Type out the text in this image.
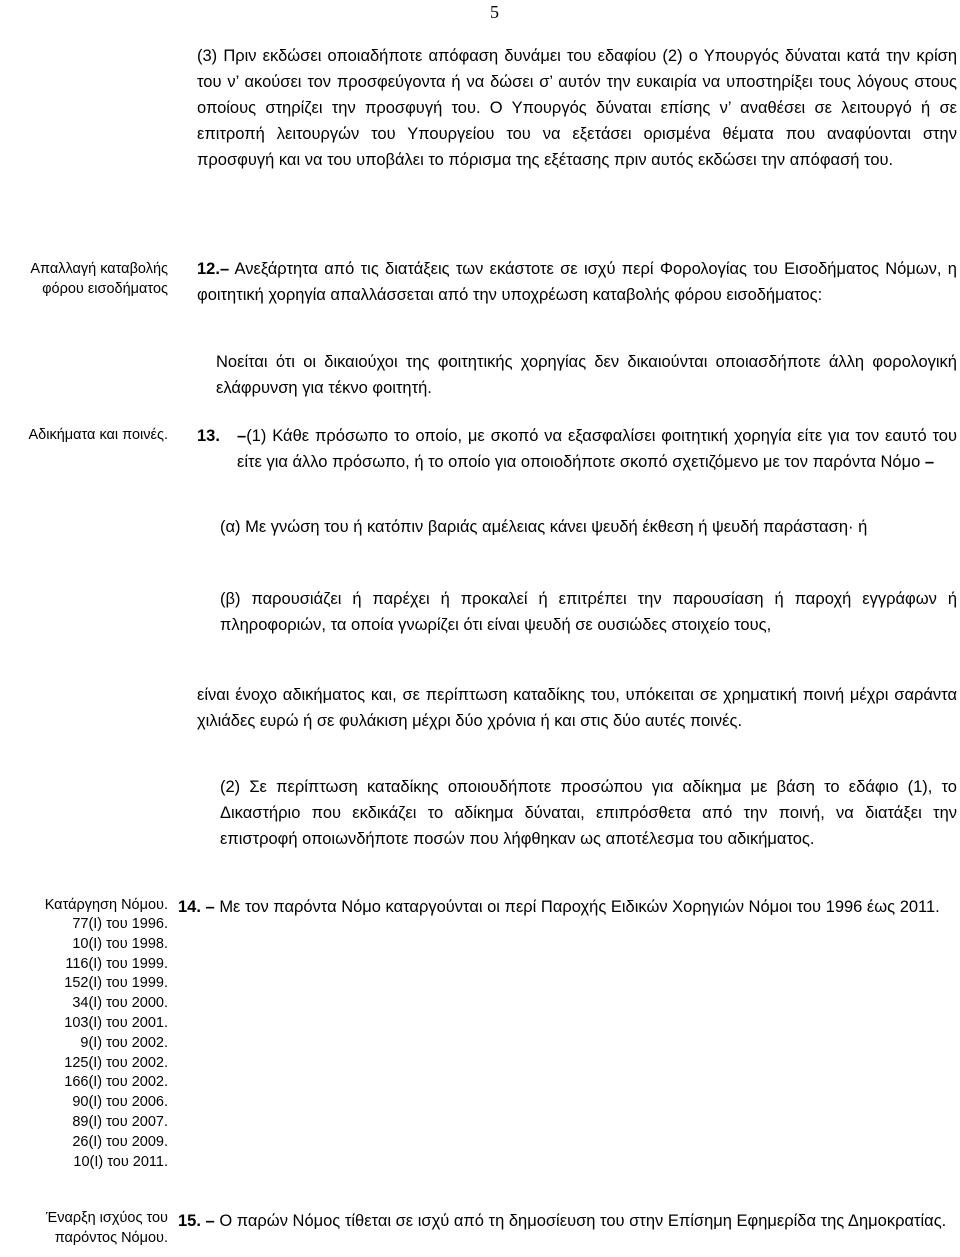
5
(3) Πριν εκδώσει οποιαδήποτε απόφαση δυνάμει του εδαφίου (2) ο Υπουργός δύναται κατά την κρίση του ν’ ακούσει τον προσφεύγοντα ή να δώσει σ’ αυτόν την ευκαιρία να υποστηρίξει τους λόγους στους οποίους στηρίζει την προσφυγή του. Ο Υπουργός δύναται επίσης ν’ αναθέσει σε λειτουργό ή σε επιτροπή λειτουργών του Υπουργείου του να εξετάσει ορισμένα θέματα που αναφύονται στην προσφυγή και να του υποβάλει το πόρισμα της εξέτασης πριν αυτός εκδώσει την απόφασή του.
Απαλλαγή καταβολής φόρου εισοδήματος
12.– Ανεξάρτητα από τις διατάξεις των εκάστοτε σε ισχύ περί Φορολογίας του Εισοδήματος Νόμων, η φοιτητική χορηγία απαλλάσσεται από την υποχρέωση καταβολής φόρου εισοδήματος:
Νοείται ότι οι δικαιούχοι της φοιτητικής χορηγίας δεν δικαιούνται οποιασδήποτε άλλη φορολογική ελάφρυνση για τέκνο φοιτητή.
Αδικήματα και ποινές. 13. –(1) Κάθε πρόσωπο το οποίο, με σκοπό να εξασφαλίσει φοιτητική χορηγία είτε για τον εαυτό του είτε για άλλο πρόσωπο, ή το οποίο για οποιοδήποτε σκοπό σχετιζόμενο με τον παρόντα Νόμο –
(α) Με γνώση του ή κατόπιν βαριάς αμέλειας κάνει ψευδή έκθεση ή ψευδή παράσταση· ή
(β) παρουσιάζει ή παρέχει ή προκαλεί ή επιτρέπει την παρουσίαση ή παροχή εγγράφων ή πληροφοριών, τα οποία γνωρίζει ότι είναι ψευδή σε ουσιώδες στοιχείο τους,
είναι ένοχο αδικήματος και, σε περίπτωση καταδίκης του, υπόκειται σε χρηματική ποινή μέχρι σαράντα χιλιάδες ευρώ ή σε φυλάκιση μέχρι δύο χρόνια ή και στις δύο αυτές ποινές.
(2) Σε περίπτωση καταδίκης οποιουδήποτε προσώπου για αδίκημα με βάση το εδάφιο (1), το Δικαστήριο που εκδικάζει το αδίκημα δύναται, επιπρόσθετα από την ποινή, να διατάξει την επιστροφή οποιωνδήποτε ποσών που λήφθηκαν ως αποτέλεσμα του αδικήματος.
Κατάργηση Νόμου.
77(Ι) του 1996.
10(Ι) του 1998.
116(Ι) του 1999.
152(Ι) του 1999.
34(Ι) του 2000.
103(Ι) του 2001.
9(Ι) του 2002.
125(Ι) του 2002.
166(Ι) του 2002.
90(Ι) του 2006.
89(Ι) του 2007.
26(Ι) του 2009.
10(Ι) του 2011.
14. – Με τον παρόντα Νόμο καταργούνται οι περί Παροχής Ειδικών Χορηγιών Νόμοι του 1996 έως 2011.
Έναρξη ισχύος του παρόντος Νόμου.
15. – Ο παρών Νόμος τίθεται σε ισχύ από τη δημοσίευση του στην Επίσημη Εφημερίδα της Δημοκρατίας.
